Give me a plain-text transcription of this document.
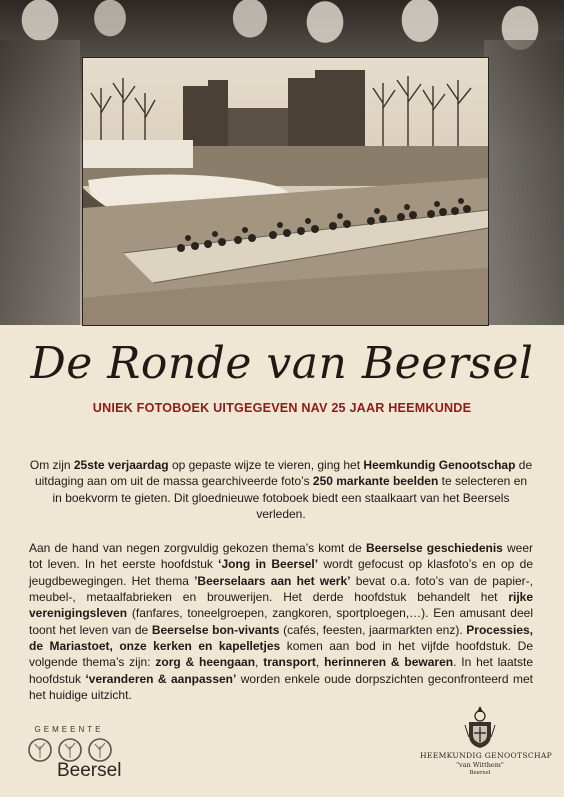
De Ronde van Beersel
UNIEK FOTOBOEK UITGEGEVEN NAV 25 JAAR HEEMKUNDE

Om zijn 25ste verjaardag op gepaste wijze te vieren, ging het Heemkundig Genootschap de uitdaging aan om uit de massa gearchiveerde foto’s 250 markante beelden te selecteren en in boekvorm te gieten. Dit gloednieuwe fotoboek biedt een staalkaart van het Beersels verleden.

Aan de hand van negen zorgvuldig gekozen thema’s komt de Beerselse geschiedenis weer tot leven. In het eerste hoofdstuk ‘Jong in Beersel’ wordt gefocust op klasfoto’s en op de jeugdbewegingen. Het thema ’Beerselaars aan het werk’ bevat o.a. foto’s van de papier-, meubel-, metaalfabrieken en brouwerijen. Het derde hoofdstuk behandelt het rijke verenigingsleven (fanfares, toneelgroepen, zangkoren, sportploegen,…). Een amusant deel toont het leven van de Beerselse bon-vivants (cafés, feesten, jaarmarkten enz). Processies, de Mariastoet, onze kerken en kapelletjes komen aan bod in het vijfde hoofdstuk. De volgende thema’s zijn: zorg & heengaan, transport, herinneren & bewaren. In het laatste hoofdstuk ‘veranderen & aanpassen’ worden enkele oude dorpszichten geconfronteerd met het huidige uitzicht.

GEMEENTE
Beersel
HEEMKUNDIG GENOOTSCHAP
"van Witthem"
Beersel
